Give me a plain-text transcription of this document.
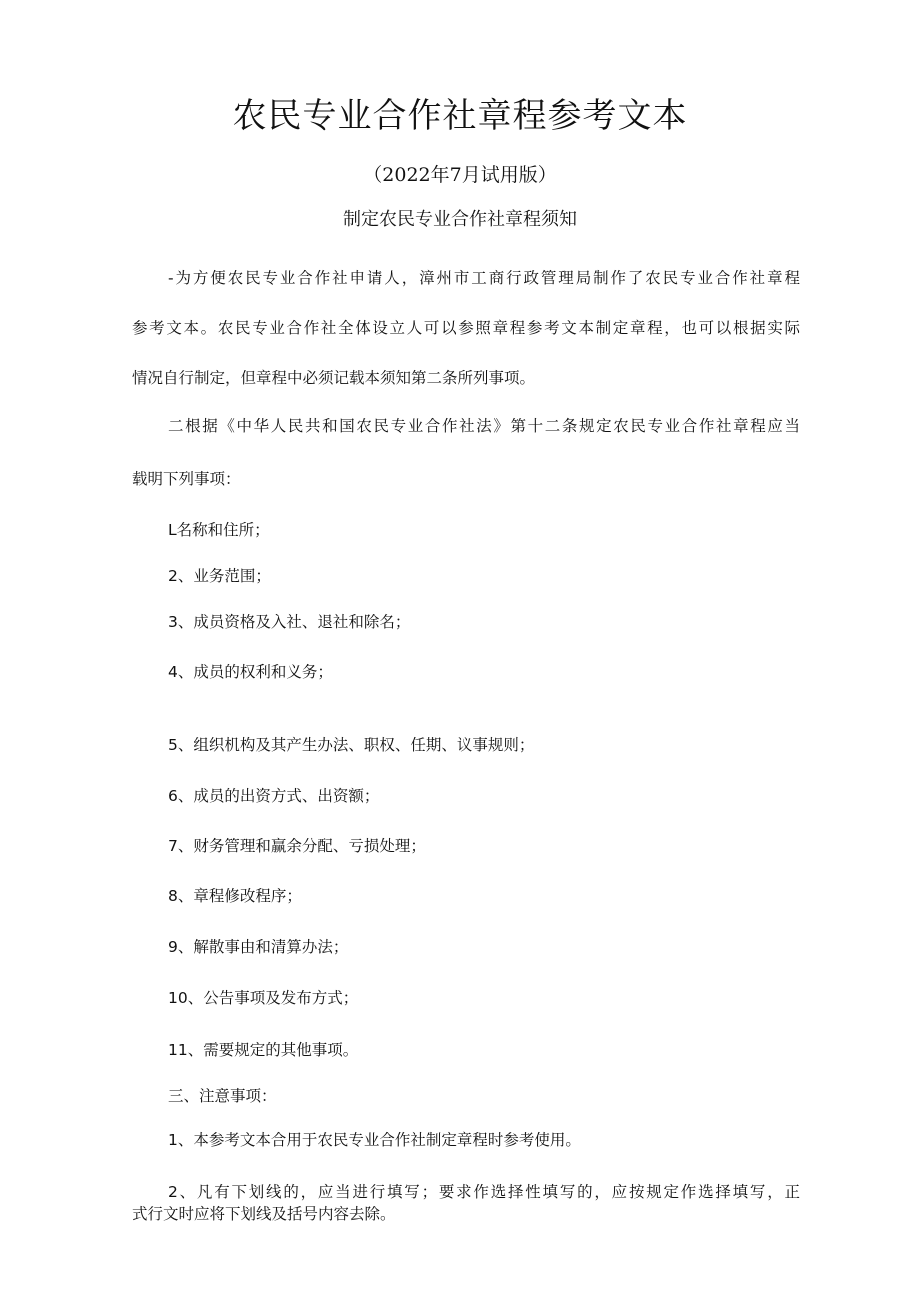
农民专业合作社章程参考文本
（2022年7月试用版）
制定农民专业合作社章程须知
-为方便农民专业合作社申请人，漳州市工商行政管理局制作了农民专业合作社章程
参考文本。农民专业合作社全体设立人可以参照章程参考文本制定章程，也可以根据实际
情况自行制定，但章程中必须记载本须知第二条所列事项。
二根据《中华人民共和国农民专业合作社法》第十二条规定农民专业合作社章程应当
载明下列事项：
L名称和住所；
2、业务范围；
3、成员资格及入社、退社和除名；
4、成员的权利和义务；
5、组织机构及其产生办法、职权、任期、议事规则；
6、成员的出资方式、出资额；
7、财务管理和赢余分配、亏损处理；
8、章程修改程序；
9、解散事由和清算办法；
10、公告事项及发布方式；
11、需要规定的其他事项。
三、注意事项：
1、本参考文本合用于农民专业合作社制定章程时参考使用。
2、凡有下划线的，应当进行填写；要求作选择性填写的，应按规定作选择填写，正
式行文时应将下划线及括号内容去除。
